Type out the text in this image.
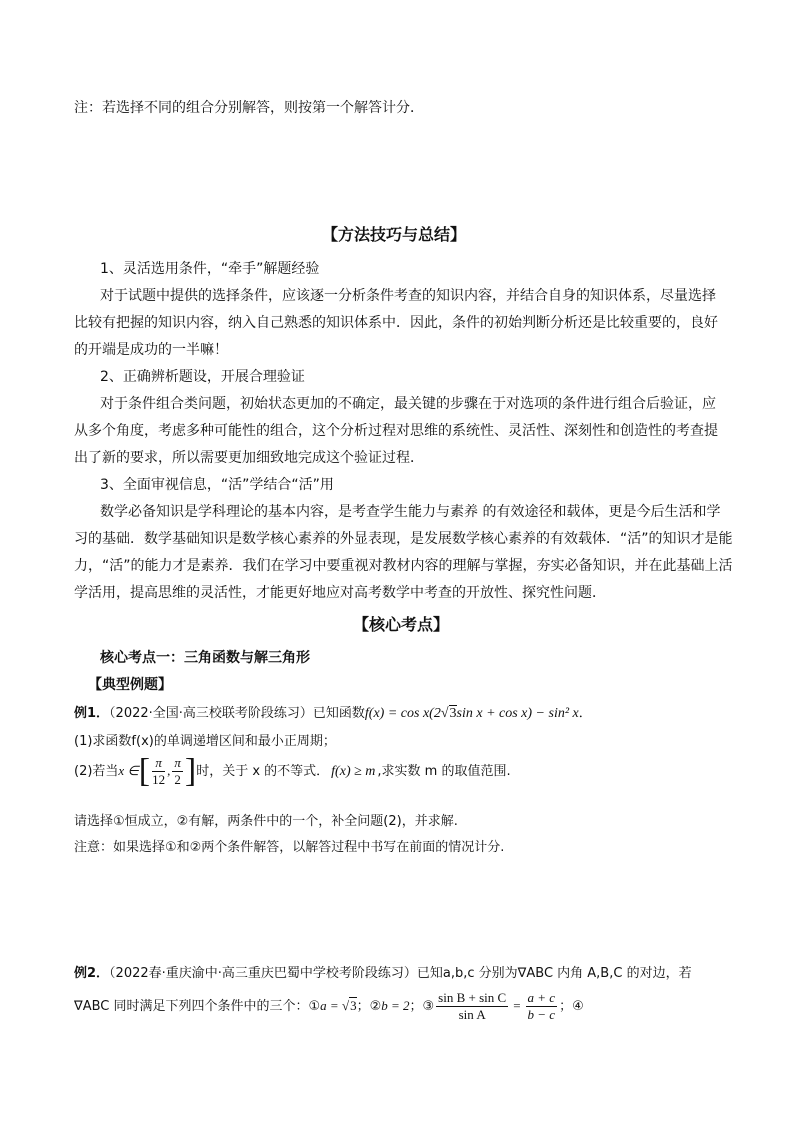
注：若选择不同的组合分别解答，则按第一个解答计分．
【方法技巧与总结】
1、灵活选用条件，“牵手”解题经验
对于试题中提供的选择条件，应该逐一分析条件考查的知识内容，并结合自身的知识体系，尽量选择
比较有把握的知识内容，纳入自己熟悉的知识体系中．因此，条件的初始判断分析还是比较重要的，良好
的开端是成功的一半嘛！
2、正确辨析题设，开展合理验证
对于条件组合类问题，初始状态更加的不确定，最关键的步骤在于对选项的条件进行组合后验证，应
从多个角度，考虑多种可能性的组合，这个分析过程对思维的系统性、灵活性、深刻性和创造性的考查提
出了新的要求，所以需要更加细致地完成这个验证过程．
3、全面审视信息，“活”学结合“活”用
数学必备知识是学科理论的基本内容，是考查学生能力与素养 的有效途径和载体，更是今后生活和学
习的基础．数学基础知识是数学核心素养的外显表现，是发展数学核心素养的有效载体．“活”的知识才是能
力，“活”的能力才是素养．我们在学习中要重视对教材内容的理解与掌握，夯实必备知识，并在此基础上活
学活用，提高思维的灵活性，才能更好地应对高考数学中考查的开放性、探究性问题．
【核心考点】
核心考点一：三角函数与解三角形
【典型例题】
例1．（2022·全国·高三校联考阶段练习）已知函数f(x) = cos x(2√3sin x + cos x) − sin² x．
(1)求函数f(x)的单调递增区间和最小正周期；
(2)若当x ∈[ $\frac{\pi}{12}$ , $\frac{\pi}{2}$ ]时，关于 x 的不等式． f(x) ≥ m ,求实数 m 的取值范围.
请选择①恒成立，②有解，两条件中的一个，补全问题(2)，并求解.
注意：如果选择①和②两个条件解答，以解答过程中书写在前面的情况计分.
例2．（2022春·重庆渝中·高三重庆巴蜀中学校考阶段练习）已知a,b,c 分别为∇ABC 内角 A,B,C 的对边，若
∇ABC 同时满足下列四个条件中的三个：①a = √3；②b = 2；③ $\frac{\text{sin B + sin C}}{\text{sin A}} = \frac{a + c}{b - c}$ ；④
